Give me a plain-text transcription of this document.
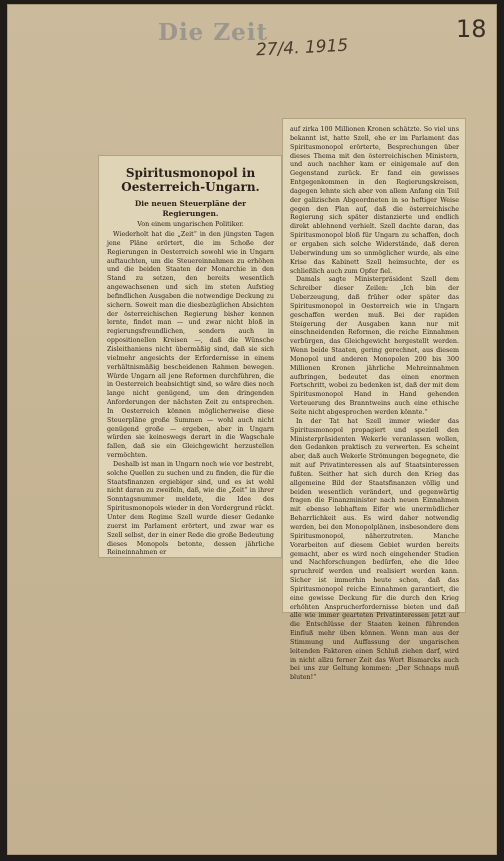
Die Zeit
27/4. 1915
18
Spiritusmonopol in Oesterreich-Ungarn.
Die neuen Steuerpläne der Regierungen.
Von einem ungarischen Politiker.

Wiederholt hat die „Zeit“ in den jüngsten Tagen jene Pläne erörtert, die im Schoße der Regierungen in Oesterreich sowohl wie in Ungarn auftauchten, um die Steuereinnahmen zu erhöhen und die beiden Staaten der Monarchie in den Stand zu setzen, den bereits wesentlich angewachsenen und sich im steten Aufstieg befindlichen Ausgaben die notwendige Deckung zu sichern. Soweit man die diesbezüglichen Absichten der österreichischen Regierung bisher kennen lernte, findet man — und zwar nicht bloß in regierungsfreundlichen, sondern auch in oppositionellen Kreisen —, daß die Wünsche Zisleithaniens nicht übermäßig sind, daß sie sich vielmehr angesichts der Erfordernisse in einem verhältnismäßig bescheidenen Rahmen bewegen. Würde Ungarn all jene Reformen durchführen, die in Oesterreich beabsichtigt sind, so wäre dies noch lange nicht genügend, um den dringenden Anforderungen der nächsten Zeit zu entsprechen. In Oesterreich können möglicherweise diese Steuerpläne große Summen — wohl auch nicht genügend große — ergeben, aber in Ungarn würden sie keineswegs derart in die Wagschale fallen, daß sie ein Gleichgewicht herzustellen vermöchten.

Deshalb ist man in Ungarn noch wie vor bestrebt, solche Quellen zu suchen und zu finden, die für die Staatsfinanzen ergiebiger sind, und es ist wohl nicht daran zu zweifeln, daß, wie die „Zeit“ in ihrer Sonntagsnummer meldete, die Idee des Spiritusmonopols wieder in den Vordergrund rückt. Unter dem Regime Szell wurde dieser Gedanke zuerst im Parlament erörtert, und zwar war es Szell selbst, der in einer Rede die große Bedeutung dieses Monopols betonte, dessen jährliche Reineinnahmen er

auf zirka 100 Millionen Kronen schätzte. So viel uns bekannt ist, hatte Szell, ehe er im Parlament das Spiritusmonopol erörterte, Besprechungen über dieses Thema mit den österreichischen Ministern, und auch nachher kam er einigemale auf den Gegenstand zurück. Er fand ein gewisses Entgegenkommen in den Regierungskreisen, dagegen lehnte sich aber von allem Anfang ein Teil der galizischen Abgeordneten in so heftiger Weise gegen den Plan auf, daß die österreichische Regierung sich später distanzierte und endlich direkt ablehnend verhielt. Szell dachte daran, das Spiritusmonopol bloß für Ungarn zu schaffen, doch er ergaben sich solche Widerstände, daß deren Ueberwindung um so unmöglicher wurde, als eine Krise das Kabinett Szell heimsuchte, der es schließlich auch zum Opfer fiel.

Damals sagte Ministerpräsident Szell dem Schreiber dieser Zeilen: „Ich bin der Ueberzeugung, daß früher oder später das Spiritusmonopol in Oesterreich wie in Ungarn geschaffen werden muß. Bei der rapiden Steigerung der Ausgaben kann nur mit einschneidenden Reformen, die reiche Einnahmen verbürgen, das Gleichgewicht hergestellt werden. Wenn beide Staaten, gering gerechnet, aus diesem Monopol und anderen Monopolen 200 bis 300 Millionen Kronen jährliche Mehreinnahmen aufbringen, bedeutet das einen enormen Fortschritt, wobei zu bedenken ist, daß der mit dem Spiritusmonopol Hand in Hand gehenden Verteuerung des Branntweins auch eine ethische Seite nicht abgesprochen werden könnte.“

In der Tat hat Szell immer wieder das Spiritusmonopol propagiert und speziell den Ministerpräsidenten Wekerle veranlassen wollen, den Gedanken praktisch zu verwerten. Es scheint aber, daß auch Wekerle Strömungen begegnete, die mit auf Privatinteressen als auf Staatsinteressen fußten. Seither hat sich durch den Krieg das allgemeine Bild der Staatsfinanzen völlig und beiden wesentlich verändert, und gegenwärtig fragen die Finanzminister nach neuen Einnahmen mit ebenso lebhaftem Eifer wie unermüdlicher Beharrlichkeit aus. Es wird daher notwendig werden, bei den Monopolplänen, insbesondere dem Spiritusmonopol, näherzutreten. Manche Vorarbeiten auf diesem Gebiet wurden bereits gemacht, aber es wird noch eingehender Studien und Nachforschungen bedürfen, ehe die Idee spruchreif werden und realisiert werden kann. Sicher ist immerhin heute schon, daß das Spiritusmonopol reiche Einnahmen garantiert, die eine gewisse Deckung für die durch den Krieg erhöhten Ansprucherfordernisse bieten und daß alle wie immer gearteten Privatinteressen jetzt auf die Entschlüsse der Staaten keinen führenden Einfluß mehr üben können. Wenn man aus der Stimmung und Auffassung der ungarischen leitenden Faktoren einen Schluß ziehen darf, wird in nicht allzu ferner Zeit das Wort Bismarcks auch bei uns zur Geltung kommen: „Der Schnaps muß bluten!“
